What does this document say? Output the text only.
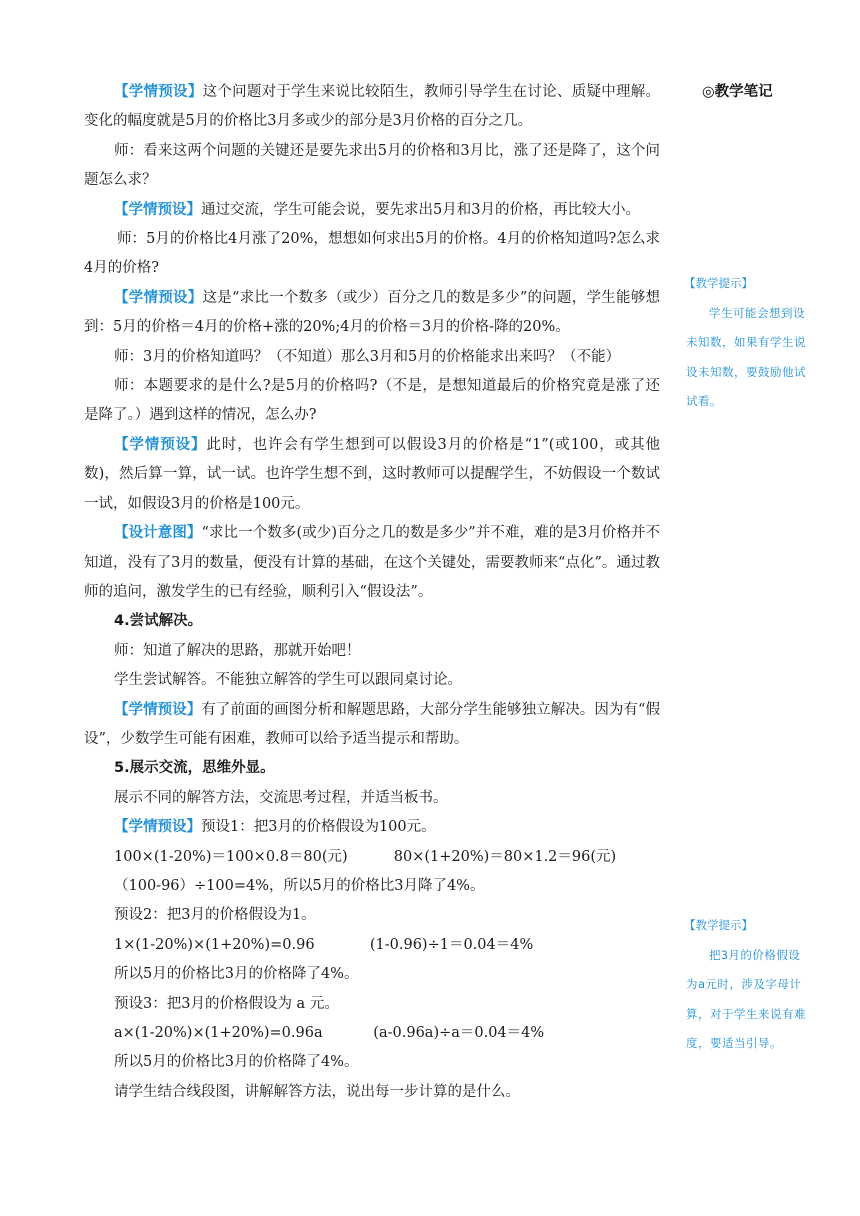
◎教学笔记
【教学提示】
学生可能会想到设未知数，如果有学生说设未知数，要鼓励他试试看。
【教学提示】
把3月的价格假设为a元时，涉及字母计算，对于学生来说有难度，要适当引导。

【学情预设】这个问题对于学生来说比较陌生，教师引导学生在讨论、质疑中理解。变化的幅度就是5月的价格比3月多或少的部分是3月价格的百分之几。

师：看来这两个问题的关键还是要先求出5月的价格和3月比，涨了还是降了，这个问题怎么求？

【学情预设】通过交流，学生可能会说，要先求出5月和3月的价格，再比较大小。

师：5月的价格比4月涨了20%，想想如何求出5月的价格。4月的价格知道吗?怎么求4月的价格?

【学情预设】这是“求比一个数多（或少）百分之几的数是多少”的问题，学生能够想到：5月的价格＝4月的价格+涨的20%;4月的价格＝3月的价格-降的20%。

师：3月的价格知道吗？（不知道）那么3月和5月的价格能求出来吗？（不能）

师：本题要求的是什么?是5月的价格吗?（不是，是想知道最后的价格究竟是涨了还是降了。）遇到这样的情况，怎么办?

【学情预设】此时，也许会有学生想到可以假设3月的价格是“1”(或100，或其他数)，然后算一算，试一试。也许学生想不到，这时教师可以提醒学生，不妨假设一个数试一试，如假设3月的价格是100元。

【设计意图】“求比一个数多(或少)百分之几的数是多少”并不难，难的是3月价格并不知道，没有了3月的数量，便没有计算的基础，在这个关键处，需要教师来“点化”。通过教师的追问，激发学生的已有经验，顺利引入“假设法”。

4.尝试解决。

师：知道了解决的思路，那就开始吧！

学生尝试解答。不能独立解答的学生可以跟同桌讨论。

【学情预设】有了前面的画图分析和解题思路，大部分学生能够独立解决。因为有“假设”，少数学生可能有困难，教师可以给予适当提示和帮助。

5.展示交流，思维外显。

展示不同的解答方法，交流思考过程，并适当板书。

【学情预设】预设1：把3月的价格假设为100元。

100×(1-20%)＝100×0.8＝80(元)          80×(1+20%)＝80×1.2＝96(元)

（100-96）÷100=4%，所以5月的价格比3月降了4%。

预设2：把3月的价格假设为1。

1×(1-20%)×(1+20%)=0.96            (1-0.96)÷1＝0.04＝4%

所以5月的价格比3月的价格降了4%。

预设3：把3月的价格假设为 a 元。

a×(1-20%)×(1+20%)=0.96a           (a-0.96a)÷a＝0.04＝4%

所以5月的价格比3月的价格降了4%。

请学生结合线段图，讲解解答方法，说出每一步计算的是什么。
